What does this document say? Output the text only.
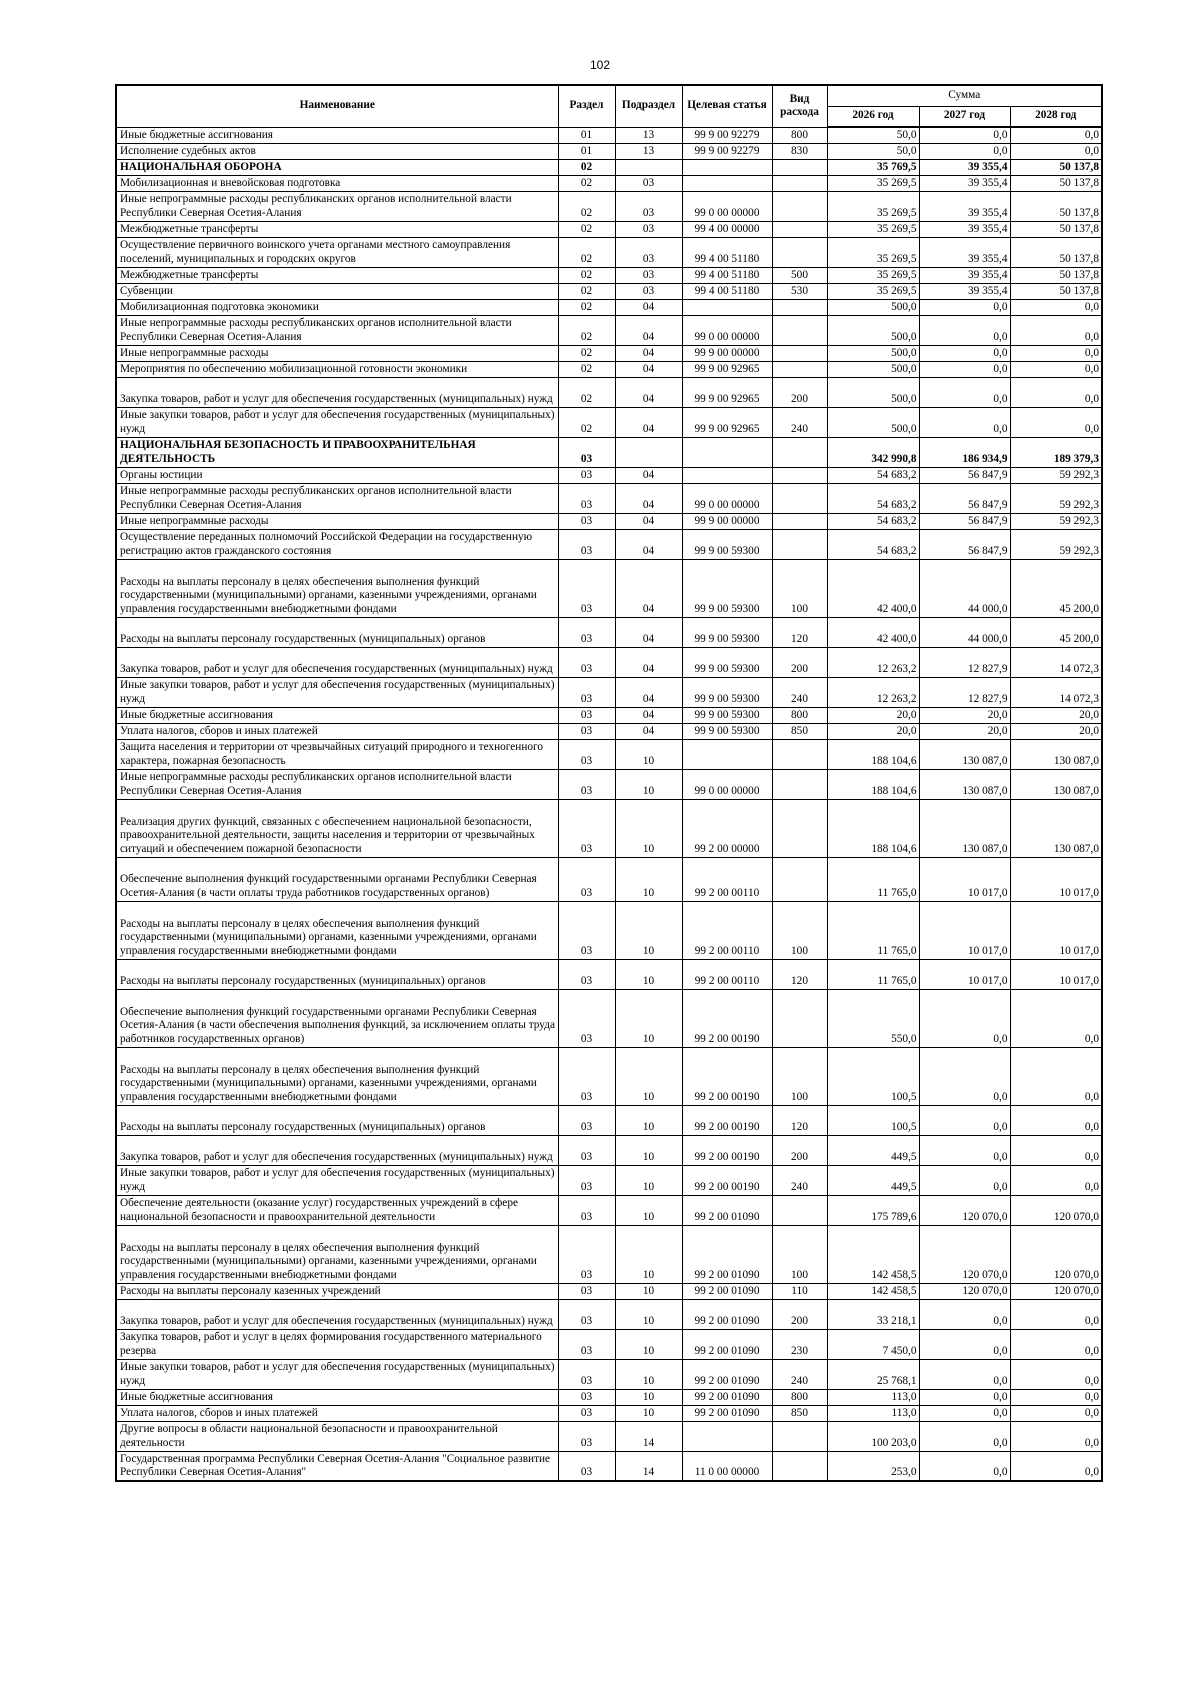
102
Наименование	Раздел	Подраздел	Целевая статья	Вид расхода	Сумма		
					2026 год	2027 год	2028 год
Иные бюджетные ассигнования	01	13	99 9 00 92279	800	50,0	0,0	0,0
Исполнение судебных актов	01	13	99 9 00 92279	830	50,0	0,0	0,0
НАЦИОНАЛЬНАЯ ОБОРОНА	02				35 769,5	39 355,4	50 137,8
Мобилизационная и вневойсковая подготовка	02	03			35 269,5	39 355,4	50 137,8
Иные непрограммные расходы республиканских органов исполнительной власти Республики Северная Осетия-Алания	02	03	99 0 00 00000		35 269,5	39 355,4	50 137,8
Межбюджетные трансферты	02	03	99 4 00 00000		35 269,5	39 355,4	50 137,8
Осуществление первичного воинского учета органами местного самоуправления поселений, муниципальных и городских округов	02	03	99 4 00 51180		35 269,5	39 355,4	50 137,8
Межбюджетные трансферты	02	03	99 4 00 51180	500	35 269,5	39 355,4	50 137,8
Субвенции	02	03	99 4 00 51180	530	35 269,5	39 355,4	50 137,8
Мобилизационная подготовка экономики	02	04			500,0	0,0	0,0
Иные непрограммные расходы республиканских органов исполнительной власти Республики Северная Осетия-Алания	02	04	99 0 00 00000		500,0	0,0	0,0
Иные непрограммные расходы	02	04	99 9 00 00000		500,0	0,0	0,0
Мероприятия по обеспечению мобилизационной готовности экономики	02	04	99 9 00 92965		500,0	0,0	0,0
Закупка товаров, работ и услуг для обеспечения государственных (муниципальных) нужд	02	04	99 9 00 92965	200	500,0	0,0	0,0
Иные закупки товаров, работ и услуг для обеспечения государственных (муниципальных) нужд	02	04	99 9 00 92965	240	500,0	0,0	0,0
НАЦИОНАЛЬНАЯ БЕЗОПАСНОСТЬ И ПРАВООХРАНИТЕЛЬНАЯ ДЕЯТЕЛЬНОСТЬ	03				342 990,8	186 934,9	189 379,3
Органы юстиции	03	04			54 683,2	56 847,9	59 292,3
Иные непрограммные расходы республиканских органов исполнительной власти Республики Северная Осетия-Алания	03	04	99 0 00 00000		54 683,2	56 847,9	59 292,3
Иные непрограммные расходы	03	04	99 9 00 00000		54 683,2	56 847,9	59 292,3
Осуществление переданных полномочий Российской Федерации на государственную регистрацию актов гражданского состояния	03	04	99 9 00 59300		54 683,2	56 847,9	59 292,3
Расходы на выплаты персоналу в целях обеспечения выполнения функций государственными (муниципальными) органами, казенными учреждениями, органами управления государственными внебюджетными фондами	03	04	99 9 00 59300	100	42 400,0	44 000,0	45 200,0
Расходы на выплаты персоналу государственных (муниципальных) органов	03	04	99 9 00 59300	120	42 400,0	44 000,0	45 200,0
Закупка товаров, работ и услуг для обеспечения государственных (муниципальных) нужд	03	04	99 9 00 59300	200	12 263,2	12 827,9	14 072,3
Иные закупки товаров, работ и услуг для обеспечения государственных (муниципальных) нужд	03	04	99 9 00 59300	240	12 263,2	12 827,9	14 072,3
Иные бюджетные ассигнования	03	04	99 9 00 59300	800	20,0	20,0	20,0
Уплата налогов, сборов и иных платежей	03	04	99 9 00 59300	850	20,0	20,0	20,0
Защита населения и территории от чрезвычайных ситуаций природного и техногенного характера, пожарная безопасность	03	10			188 104,6	130 087,0	130 087,0
Иные непрограммные расходы республиканских органов исполнительной власти Республики Северная Осетия-Алания	03	10	99 0 00 00000		188 104,6	130 087,0	130 087,0
Реализация других функций, связанных с обеспечением национальной безопасности, правоохранительной деятельности, защиты населения и территории от чрезвычайных ситуаций и обеспечением пожарной безопасности	03	10	99 2 00 00000		188 104,6	130 087,0	130 087,0
Обеспечение выполнения функций государственными органами Республики Северная Осетия-Алания (в части оплаты труда работников государственных органов)	03	10	99 2 00 00110		11 765,0	10 017,0	10 017,0
Расходы на выплаты персоналу в целях обеспечения выполнения функций государственными (муниципальными) органами, казенными учреждениями, органами управления государственными внебюджетными фондами	03	10	99 2 00 00110	100	11 765,0	10 017,0	10 017,0
Расходы на выплаты персоналу государственных (муниципальных) органов	03	10	99 2 00 00110	120	11 765,0	10 017,0	10 017,0
Обеспечение выполнения функций государственными органами Республики Северная Осетия-Алания (в части обеспечения выполнения функций, за исключением оплаты труда работников государственных органов)	03	10	99 2 00 00190		550,0	0,0	0,0
Расходы на выплаты персоналу в целях обеспечения выполнения функций государственными (муниципальными) органами, казенными учреждениями, органами управления государственными внебюджетными фондами	03	10	99 2 00 00190	100	100,5	0,0	0,0
Расходы на выплаты персоналу государственных (муниципальных) органов	03	10	99 2 00 00190	120	100,5	0,0	0,0
Закупка товаров, работ и услуг для обеспечения государственных (муниципальных) нужд	03	10	99 2 00 00190	200	449,5	0,0	0,0
Иные закупки товаров, работ и услуг для обеспечения государственных (муниципальных) нужд	03	10	99 2 00 00190	240	449,5	0,0	0,0
Обеспечение деятельности (оказание услуг) государственных учреждений в сфере национальной безопасности и правоохранительной деятельности	03	10	99 2 00 01090		175 789,6	120 070,0	120 070,0
Расходы на выплаты персоналу в целях обеспечения выполнения функций государственными (муниципальными) органами, казенными учреждениями, органами управления государственными внебюджетными фондами	03	10	99 2 00 01090	100	142 458,5	120 070,0	120 070,0
Расходы на выплаты персоналу казенных учреждений	03	10	99 2 00 01090	110	142 458,5	120 070,0	120 070,0
Закупка товаров, работ и услуг для обеспечения государственных (муниципальных) нужд	03	10	99 2 00 01090	200	33 218,1	0,0	0,0
Закупка товаров, работ и услуг в целях формирования государственного материального резерва	03	10	99 2 00 01090	230	7 450,0	0,0	0,0
Иные закупки товаров, работ и услуг для обеспечения государственных (муниципальных) нужд	03	10	99 2 00 01090	240	25 768,1	0,0	0,0
Иные бюджетные ассигнования	03	10	99 2 00 01090	800	113,0	0,0	0,0
Уплата налогов, сборов и иных платежей	03	10	99 2 00 01090	850	113,0	0,0	0,0
Другие вопросы в области национальной безопасности и правоохранительной деятельности	03	14			100 203,0	0,0	0,0
Государственная программа Республики Северная Осетия-Алания "Социальное развитие Республики Северная Осетия-Алания"	03	14	11 0 00 00000		253,0	0,0	0,0
